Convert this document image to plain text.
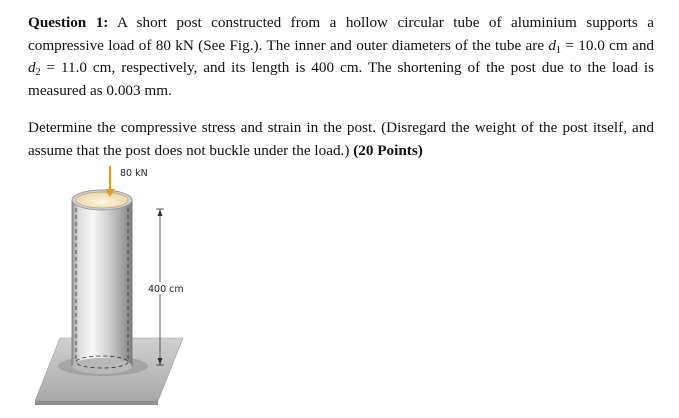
Question 1: A short post constructed from a hollow circular tube of aluminium supports a compressive load of 80 kN (See Fig.). The inner and outer diameters of the tube are $d_1 = 10.0$ cm and $d_2 = 11.0$ cm, respectively, and its length is 400 cm. The shortening of the post due to the load is measured as 0.003 mm.

Determine the compressive stress and strain in the post. (Disregard the weight of the post itself, and assume that the post does not buckle under the load.) (20 Points)

80 kN
400 cm
